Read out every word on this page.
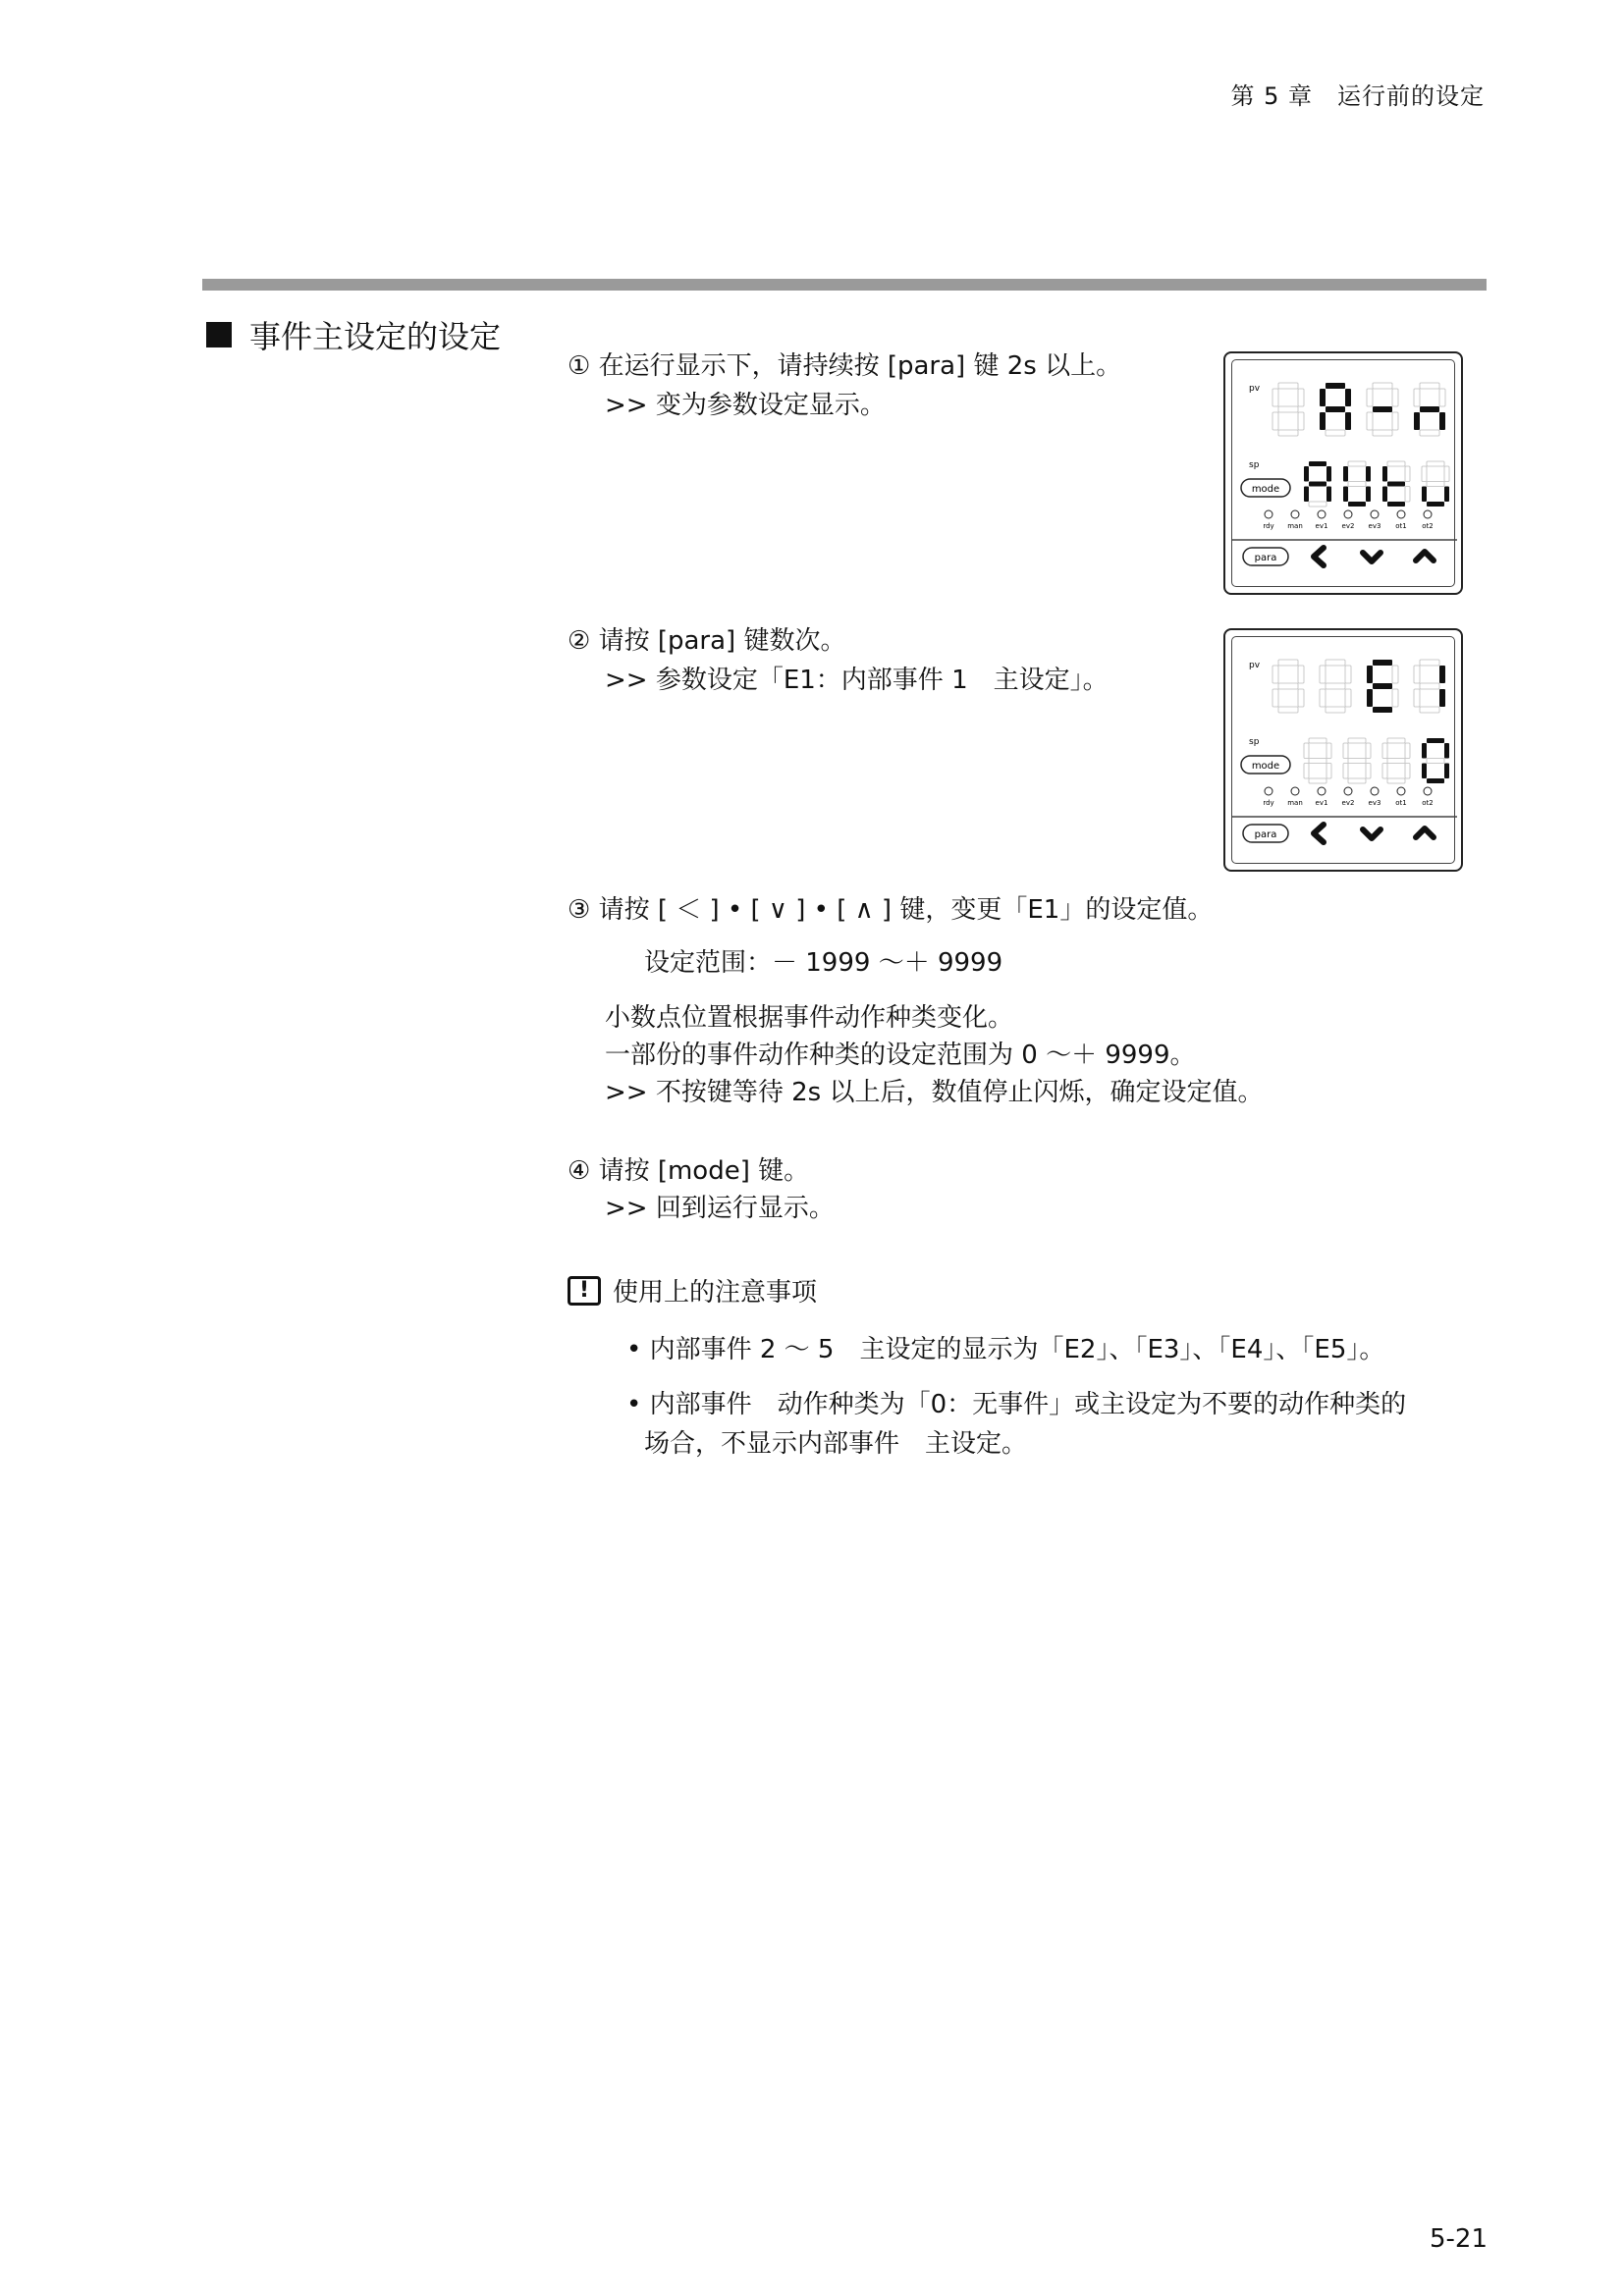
第 5 章　运行前的设定
事件主设定的设定
① 在运行显示下，请持续按 [para] 键 2s 以上。
>> 变为参数设定显示。
pv
sp
mode
rdy man ev1 ev2 ev3 ot1 ot2
para
② 请按 [para] 键数次。
>> 参数设定「E1：内部事件 1　主设定」。	pv
sp
mode
rdy man ev1 ev2 ev3 ot1 ot2
para
③ 请按 [ ＜ ] • [ ∨ ] • [ ∧ ] 键，变更「E1」的设定值。
设定范围：－ 1999 ～＋ 9999
小数点位置根据事件动作种类变化。
一部份的事件动作种类的设定范围为 0 ～＋ 9999。
>> 不按键等待 2s 以上后，数值停止闪烁，确定设定值。
④ 请按 [mode] 键。
>> 回到运行显示。
! 使用上的注意事项
• 内部事件 2 ～ 5　主设定的显示为「E2」、「E3」、「E4」、「E5」。
• 内部事件　动作种类为「0：无事件」或主设定为不要的动作种类的
场合，不显示内部事件　主设定。
5-21
